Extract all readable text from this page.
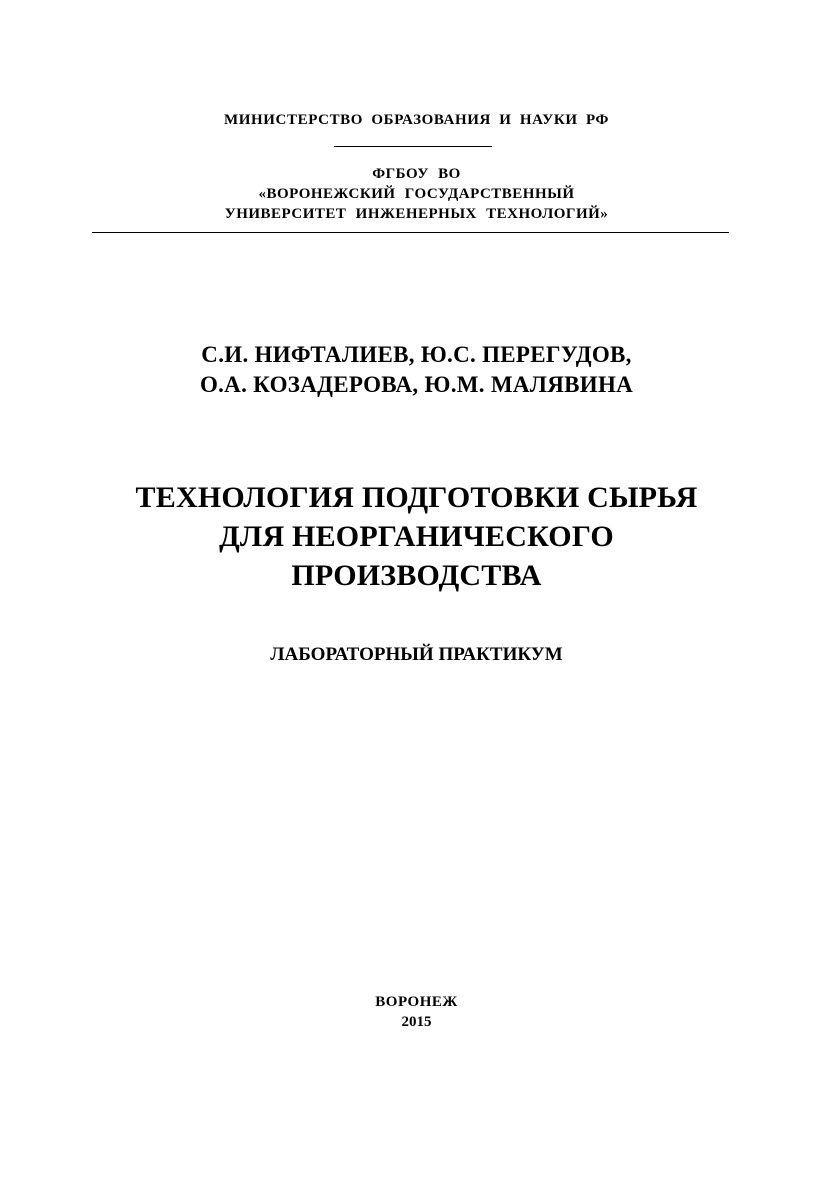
МИНИСТЕРСТВО ОБРАЗОВАНИЯ И НАУКИ РФ
ФГБОУ ВО
«ВОРОНЕЖСКИЙ ГОСУДАРСТВЕННЫЙ
УНИВЕРСИТЕТ ИНЖЕНЕРНЫХ ТЕХНОЛОГИЙ»
С.И. НИФТАЛИЕВ, Ю.С. ПЕРЕГУДОВ,
О.А. КОЗАДЕРОВА, Ю.М. МАЛЯВИНА
ТЕХНОЛОГИЯ ПОДГОТОВКИ СЫРЬЯ
ДЛЯ НЕОРГАНИЧЕСКОГО
ПРОИЗВОДСТВА
ЛАБОРАТОРНЫЙ ПРАКТИКУМ
ВОРОНЕЖ
2015
